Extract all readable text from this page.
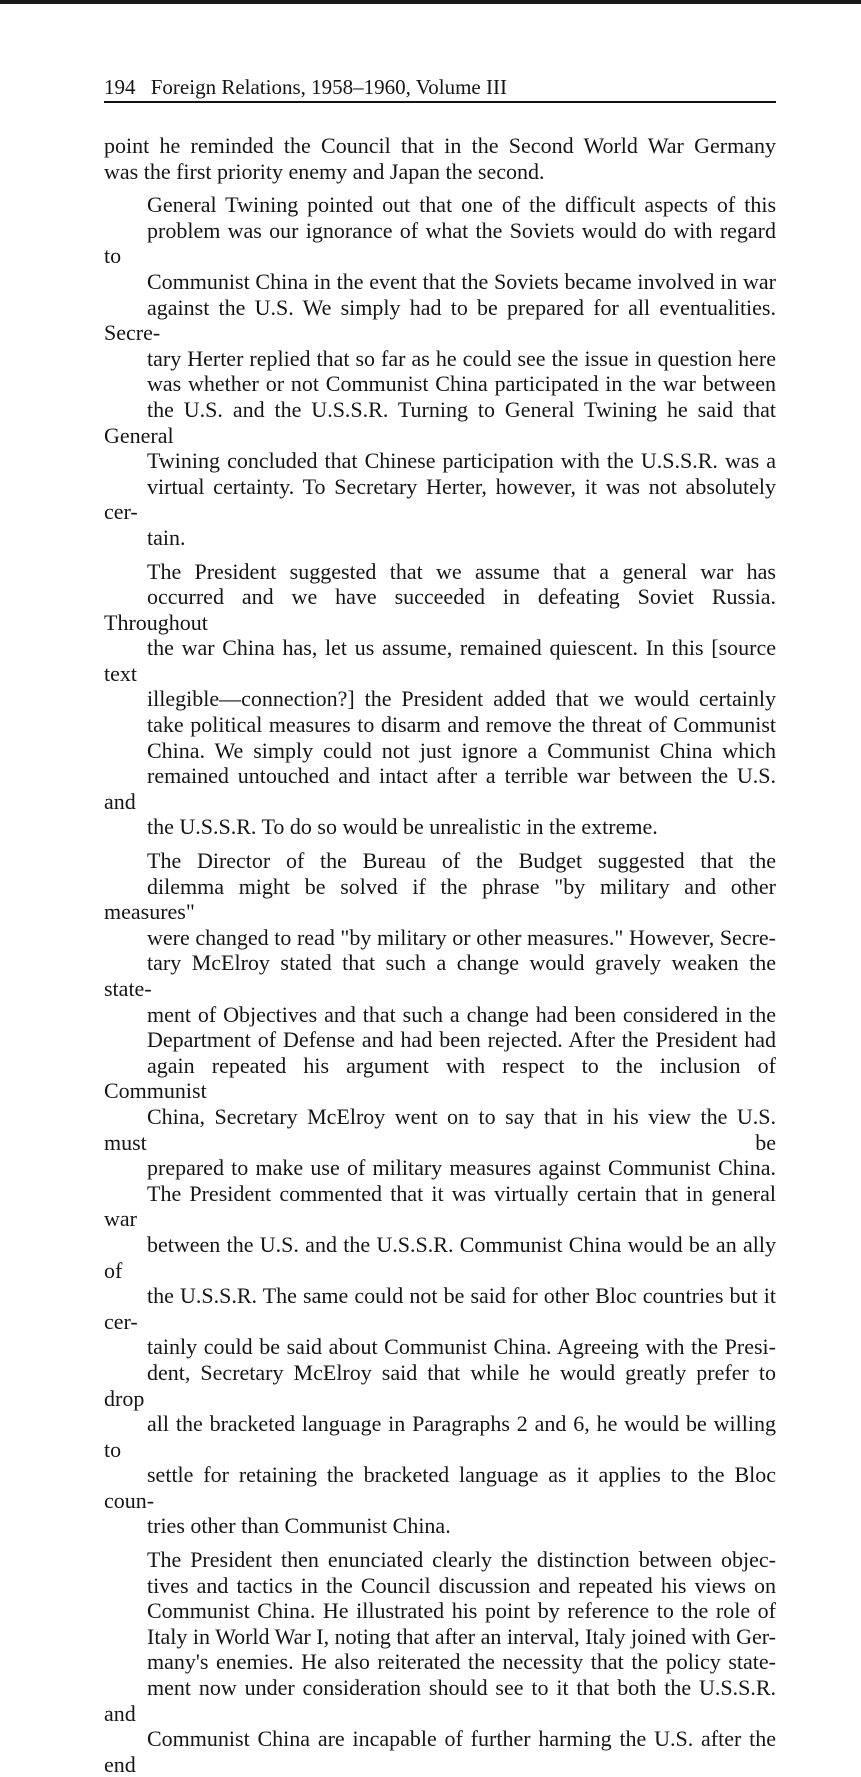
194 Foreign Relations, 1958–1960, Volume III

point he reminded the Council that in the Second World War Germany
was the first priority enemy and Japan the second.

General Twining pointed out that one of the difficult aspects of this
problem was our ignorance of what the Soviets would do with regard to
Communist China in the event that the Soviets became involved in war
against the U.S. We simply had to be prepared for all eventualities. Secre-
tary Herter replied that so far as he could see the issue in question here
was whether or not Communist China participated in the war between
the U.S. and the U.S.S.R. Turning to General Twining he said that General
Twining concluded that Chinese participation with the U.S.S.R. was a
virtual certainty. To Secretary Herter, however, it was not absolutely cer-
tain.

The President suggested that we assume that a general war has
occurred and we have succeeded in defeating Soviet Russia. Throughout
the war China has, let us assume, remained quiescent. In this [source text
illegible—connection?] the President added that we would certainly
take political measures to disarm and remove the threat of Communist
China. We simply could not just ignore a Communist China which
remained untouched and intact after a terrible war between the U.S. and
the U.S.S.R. To do so would be unrealistic in the extreme.

The Director of the Bureau of the Budget suggested that the
dilemma might be solved if the phrase "by military and other measures"
were changed to read "by military or other measures." However, Secre-
tary McElroy stated that such a change would gravely weaken the state-
ment of Objectives and that such a change had been considered in the
Department of Defense and had been rejected. After the President had
again repeated his argument with respect to the inclusion of Communist
China, Secretary McElroy went on to say that in his view the U.S. must be
prepared to make use of military measures against Communist China.
The President commented that it was virtually certain that in general war
between the U.S. and the U.S.S.R. Communist China would be an ally of
the U.S.S.R. The same could not be said for other Bloc countries but it cer-
tainly could be said about Communist China. Agreeing with the Presi-
dent, Secretary McElroy said that while he would greatly prefer to drop
all the bracketed language in Paragraphs 2 and 6, he would be willing to
settle for retaining the bracketed language as it applies to the Bloc coun-
tries other than Communist China.

The President then enunciated clearly the distinction between objec-
tives and tactics in the Council discussion and repeated his views on
Communist China. He illustrated his point by reference to the role of
Italy in World War I, noting that after an interval, Italy joined with Ger-
many's enemies. He also reiterated the necessity that the policy state-
ment now under consideration should see to it that both the U.S.S.R. and
Communist China are incapable of further harming the U.S. after the end
